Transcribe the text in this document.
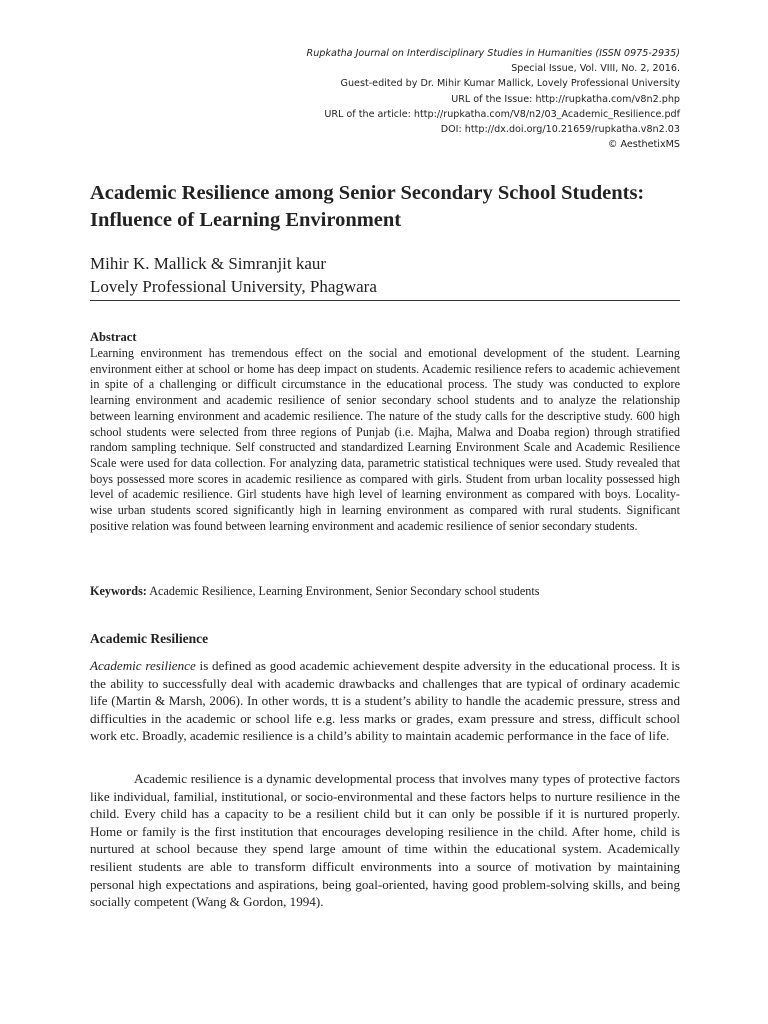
Rupkatha Journal on Interdisciplinary Studies in Humanities (ISSN 0975-2935)
Special Issue, Vol. VIII, No. 2, 2016.
Guest-edited by Dr. Mihir Kumar Mallick, Lovely Professional University
URL of the Issue: http://rupkatha.com/v8n2.php
URL of the article: http://rupkatha.com/V8/n2/03_Academic_Resilience.pdf
DOI: http://dx.doi.org/10.21659/rupkatha.v8n2.03
© AesthetixMS
Academic Resilience among Senior Secondary School Students: Influence of Learning Environment
Mihir K. Mallick & Simranjit kaur
Lovely Professional University, Phagwara
Abstract

Learning environment has tremendous effect on the social and emotional development of the student. Learning environment either at school or home has deep impact on students. Academic resilience refers to academic achievement in spite of a challenging or difficult circumstance in the educational process. The study was conducted to explore learning environment and academic resilience of senior secondary school students and to analyze the relationship between learning environment and academic resilience. The nature of the study calls for the descriptive study. 600 high school students were selected from three regions of Punjab (i.e. Majha, Malwa and Doaba region) through stratified random sampling technique. Self constructed and standardized Learning Environment Scale and Academic Resilience Scale were used for data collection. For analyzing data, parametric statistical techniques were used. Study revealed that boys possessed more scores in academic resilience as compared with girls. Student from urban locality possessed high level of academic resilience. Girl students have high level of learning environment as compared with boys. Locality-wise urban students scored significantly high in learning environment as compared with rural students. Significant positive relation was found between learning environment and academic resilience of senior secondary students.

Keywords: Academic Resilience, Learning Environment, Senior Secondary school students
Academic Resilience

Academic resilience is defined as good academic achievement despite adversity in the educational process. It is the ability to successfully deal with academic drawbacks and challenges that are typical of ordinary academic life (Martin & Marsh, 2006). In other words, tt is a student’s ability to handle the academic pressure, stress and difficulties in the academic or school life e.g. less marks or grades, exam pressure and stress, difficult school work etc. Broadly, academic resilience is a child’s ability to maintain academic performance in the face of life.

Academic resilience is a dynamic developmental process that involves many types of protective factors like individual, familial, institutional, or socio-environmental and these factors helps to nurture resilience in the child. Every child has a capacity to be a resilient child but it can only be possible if it is nurtured properly. Home or family is the first institution that encourages developing resilience in the child. After home, child is nurtured at school because they spend large amount of time within the educational system. Academically resilient students are able to transform difficult environments into a source of motivation by maintaining personal high expectations and aspirations, being goal-oriented, having good problem-solving skills, and being socially competent (Wang & Gordon, 1994).
